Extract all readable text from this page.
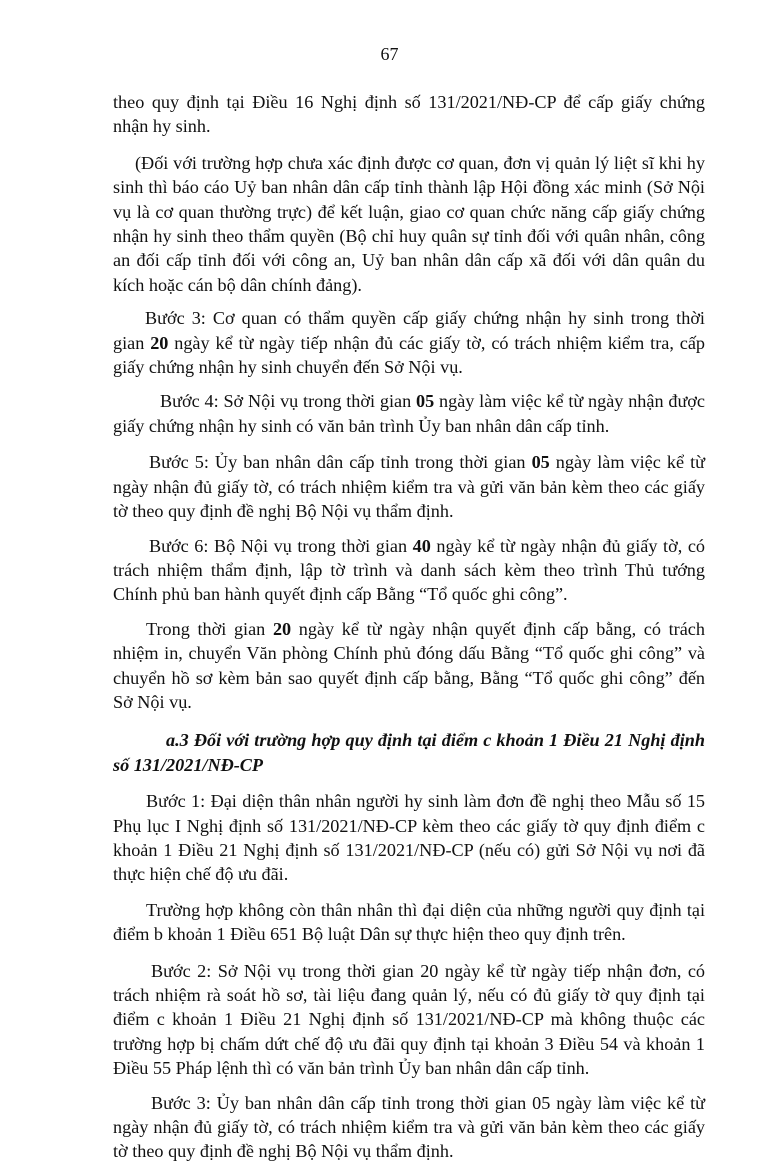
67

theo quy định tại Điều 16 Nghị định số 131/2021/NĐ-CP để cấp giấy chứng nhận hy sinh.

(Đối với trường hợp chưa xác định được cơ quan, đơn vị quản lý liệt sĩ khi hy sinh thì báo cáo Uỷ ban nhân dân cấp tỉnh thành lập Hội đồng xác minh (Sở Nội vụ là cơ quan thường trực) để kết luận, giao cơ quan chức năng cấp giấy chứng nhận hy sinh theo thẩm quyền (Bộ chỉ huy quân sự tỉnh đối với quân nhân, công an đối cấp tỉnh đối với công an, Uỷ ban nhân dân cấp xã đối với dân quân du kích hoặc cán bộ dân chính đảng).

Bước 3: Cơ quan có thẩm quyền cấp giấy chứng nhận hy sinh trong thời gian 20 ngày kể từ ngày tiếp nhận đủ các giấy tờ, có trách nhiệm kiểm tra, cấp giấy chứng nhận hy sinh chuyển đến Sở Nội vụ.

Bước 4: Sở Nội vụ trong thời gian 05 ngày làm việc kể từ ngày nhận được giấy chứng nhận hy sinh có văn bản trình Ủy ban nhân dân cấp tỉnh.

Bước 5: Ủy ban nhân dân cấp tỉnh trong thời gian 05 ngày làm việc kể từ ngày nhận đủ giấy tờ, có trách nhiệm kiểm tra và gửi văn bản kèm theo các giấy tờ theo quy định đề nghị Bộ Nội vụ thẩm định.

Bước 6: Bộ Nội vụ trong thời gian 40 ngày kể từ ngày nhận đủ giấy tờ, có trách nhiệm thẩm định, lập tờ trình và danh sách kèm theo trình Thủ tướng Chính phủ ban hành quyết định cấp Bằng “Tổ quốc ghi công”.

Trong thời gian 20 ngày kể từ ngày nhận quyết định cấp bằng, có trách nhiệm in, chuyển Văn phòng Chính phủ đóng dấu Bằng “Tổ quốc ghi công” và chuyển hồ sơ kèm bản sao quyết định cấp bằng, Bằng “Tổ quốc ghi công” đến Sở Nội vụ.

a.3 Đối với trường hợp quy định tại điểm c khoản 1 Điều 21 Nghị định số 131/2021/NĐ-CP

Bước 1: Đại diện thân nhân người hy sinh làm đơn đề nghị theo Mẫu số 15 Phụ lục I Nghị định số 131/2021/NĐ-CP kèm theo các giấy tờ quy định điểm c khoản 1 Điều 21 Nghị định số 131/2021/NĐ-CP (nếu có) gửi Sở Nội vụ nơi đã thực hiện chế độ ưu đãi.

Trường hợp không còn thân nhân thì đại diện của những người quy định tại điểm b khoản 1 Điều 651 Bộ luật Dân sự thực hiện theo quy định trên.

Bước 2: Sở Nội vụ trong thời gian 20 ngày kể từ ngày tiếp nhận đơn, có trách nhiệm rà soát hồ sơ, tài liệu đang quản lý, nếu có đủ giấy tờ quy định tại điểm c khoản 1 Điều 21 Nghị định số 131/2021/NĐ-CP mà không thuộc các trường hợp bị chấm dứt chế độ ưu đãi quy định tại khoản 3 Điều 54 và khoản 1 Điều 55 Pháp lệnh thì có văn bản trình Ủy ban nhân dân cấp tỉnh.

Bước 3: Ủy ban nhân dân cấp tỉnh trong thời gian 05 ngày làm việc kể từ ngày nhận đủ giấy tờ, có trách nhiệm kiểm tra và gửi văn bản kèm theo các giấy tờ theo quy định đề nghị Bộ Nội vụ thẩm định.
